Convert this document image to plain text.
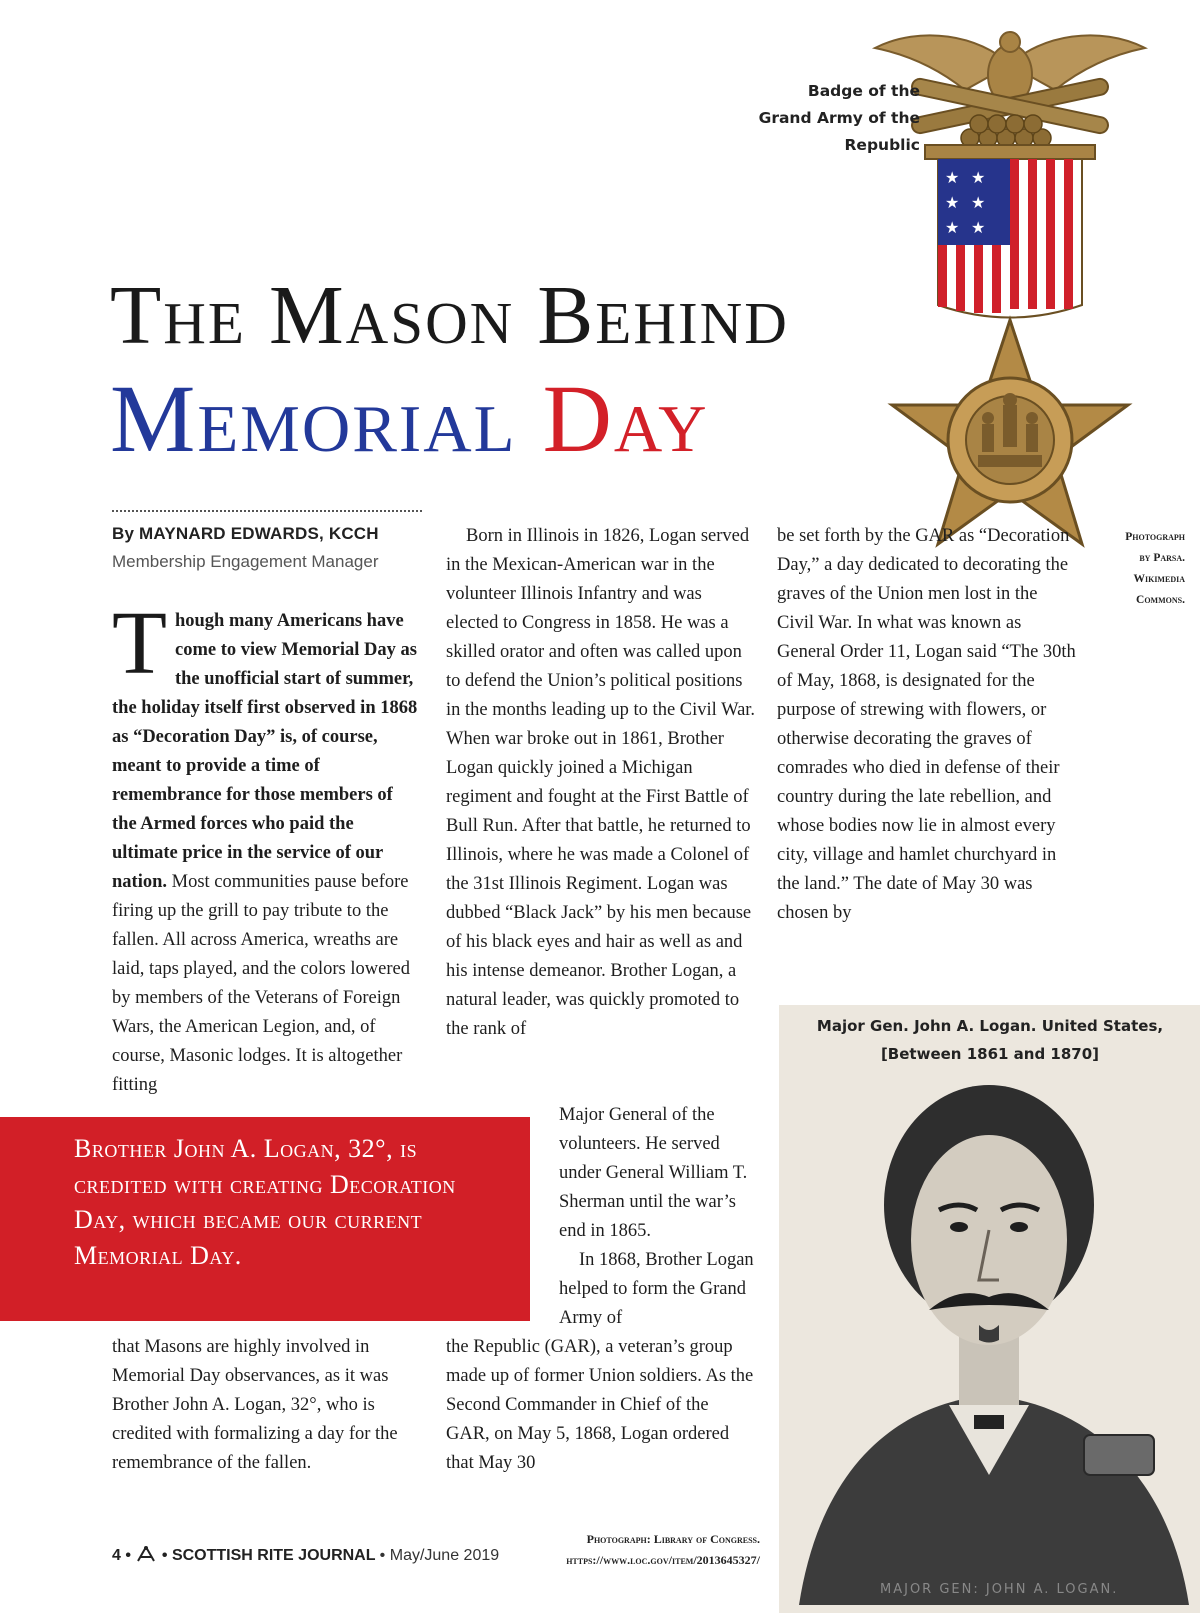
★ ★
★ ★
★ ★
Badge of the
Grand Army of the
Republic
The Mason Behind
Memorial Day
By MAYNARD EDWARDS, KCCH
Membership Engagement Manager

Though many Americans have come to view Memorial Day as the unofficial start of summer, the holiday itself first observed in 1868 as “Decoration Day” is, of course, meant to provide a time of remembrance for those members of the Armed forces who paid the ultimate price in the service of our nation. Most communities pause before firing up the grill to pay tribute to the fallen. All across America, wreaths are laid, taps played, and the colors lowered by members of the Veterans of Foreign Wars, the American Legion, and, of course, Masonic lodges. It is altogether fitting

Born in Illinois in 1826, Logan served in the Mexican-American war in the volunteer Illinois Infantry and was elected to Congress in 1858. He was a skilled orator and often was called upon to defend the Union’s political positions in the months leading up to the Civil War. When war broke out in 1861, Brother Logan quickly joined a Michigan regiment and fought at the First Battle of Bull Run. After that battle, he returned to Illinois, where he was made a Colonel of the 31st Illinois Regiment. Logan was dubbed “Black Jack” by his men because of his black eyes and hair as well as and his intense demeanor. Brother Logan, a natural leader, was quickly promoted to the rank of

Major General of the volunteers. He served under General William T. Sherman until the war’s end in 1865.

In 1868, Brother Logan helped to form the Grand Army of

the Republic (GAR), a veteran’s group made up of former Union soldiers. As the Second Commander in Chief of the GAR, on May 5, 1868, Logan ordered that May 30

be set forth by the GAR as “Decoration Day,” a day dedicated to decorating the graves of the Union men lost in the Civil War. In what was known as General Order 11, Logan said “The 30th of May, 1868, is designated for the purpose of strewing with flowers, or otherwise decorating the graves of comrades who died in defense of their country during the late rebellion, and whose bodies now lie in almost every city, village and hamlet churchyard in the land.” The date of May 30 was chosen by

Photograph
by Parsa.
Wikimedia
Commons.
Brother John A. Logan, 32°, is credited with creating Decoration Day, which became our current Memorial Day.

that Masons are highly involved in Memorial Day observances, as it was Brother John A. Logan, 32°, who is credited with formalizing a day for the remembrance of the fallen.

Major Gen. John A. Logan. United States,
[Between 1861 and 1870]
MAJOR GEN: JOHN A. LOGAN.
Photograph: Library of Congress.
https://www.loc.gov/item/2013645327/
4 • • SCOTTISH RITE JOURNAL • May/June 2019
